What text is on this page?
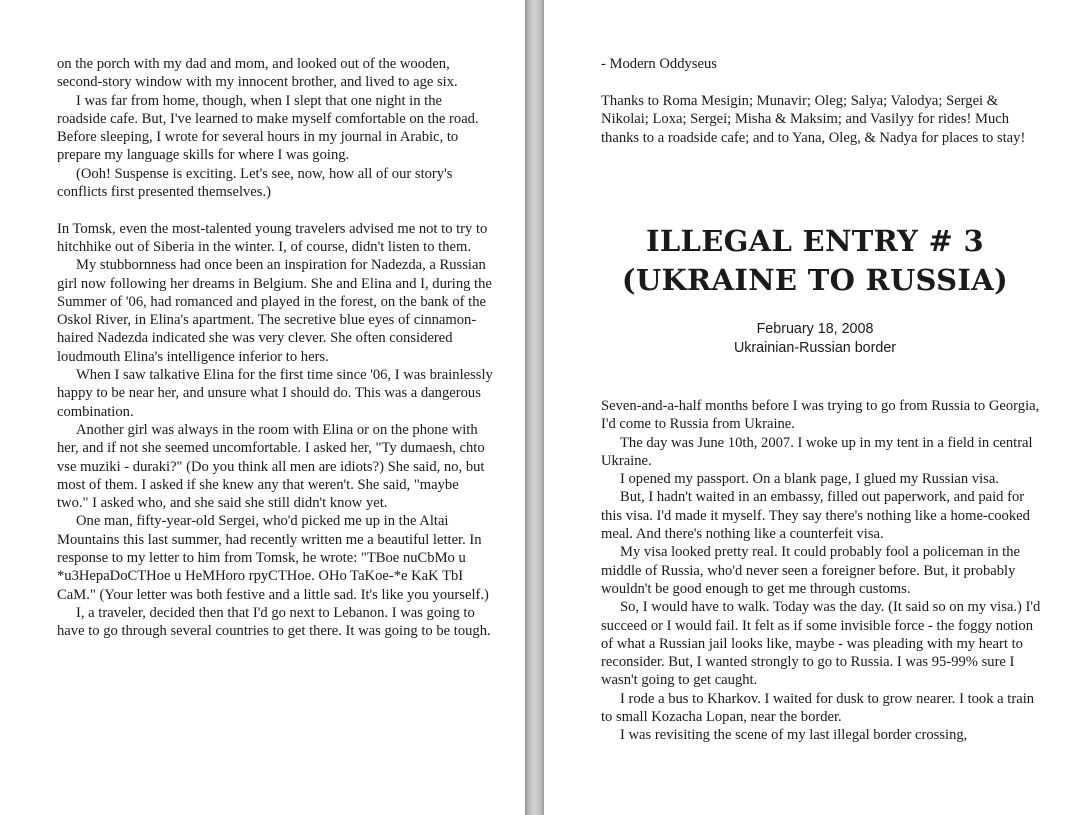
on the porch with my dad and mom, and looked out of the wooden, second-story window with my innocent brother, and lived to age six.

I was far from home, though, when I slept that one night in the roadside cafe. But, I've learned to make myself comfortable on the road. Before sleeping, I wrote for several hours in my journal in Arabic, to prepare my language skills for where I was going.

(Ooh! Suspense is exciting. Let's see, now, how all of our story's conflicts first presented themselves.)

In Tomsk, even the most-talented young travelers advised me not to try to hitchhike out of Siberia in the winter. I, of course, didn't listen to them.

My stubbornness had once been an inspiration for Nadezda, a Russian girl now following her dreams in Belgium. She and Elina and I, during the Summer of '06, had romanced and played in the forest, on the bank of the Oskol River, in Elina's apartment. The secretive blue eyes of cinnamon-haired Nadezda indicated she was very clever. She often considered loudmouth Elina's intelligence inferior to hers.

When I saw talkative Elina for the first time since '06, I was brainlessly happy to be near her, and unsure what I should do. This was a dangerous combination.

Another girl was always in the room with Elina or on the phone with her, and if not she seemed uncomfortable. I asked her, "Ty dumaesh, chto vse muziki - duraki?" (Do you think all men are idiots?) She said, no, but most of them. I asked if she knew any that weren't. She said, "maybe two." I asked who, and she said she still didn't know yet.

One man, fifty-year-old Sergei, who'd picked me up in the Altai Mountains this last summer, had recently written me a beautiful letter. In response to my letter to him from Tomsk, he wrote: "TBoe nuCbMo u *u3HepaDoCTHoe u HeMHoro rpyCTHoe. OHo TaKoe-*e KaK TbI CaM." (Your letter was both festive and a little sad. It's like you yourself.)

I, a traveler, decided then that I'd go next to Lebanon. I was going to have to go through several countries to get there. It was going to be tough.

- Modern Oddyseus
Thanks to Roma Mesigin; Munavir; Oleg; Salya; Valodya; Sergei & Nikolai; Loxa; Sergei; Misha & Maksim; and Vasilyy for rides! Much thanks to a roadside cafe; and to Yana, Oleg, & Nadya for places to stay!
ILLEGAL ENTRY # 3
(UKRAINE TO RUSSIA)
February 18, 2008
Ukrainian-Russian border

Seven-and-a-half months before I was trying to go from Russia to Georgia, I'd come to Russia from Ukraine.

The day was June 10th, 2007. I woke up in my tent in a field in central Ukraine.

I opened my passport. On a blank page, I glued my Russian visa.

But, I hadn't waited in an embassy, filled out paperwork, and paid for this visa. I'd made it myself. They say there's nothing like a home-cooked meal. And there's nothing like a counterfeit visa.

My visa looked pretty real. It could probably fool a policeman in the middle of Russia, who'd never seen a foreigner before. But, it probably wouldn't be good enough to get me through customs.

So, I would have to walk. Today was the day. (It said so on my visa.) I'd succeed or I would fail. It felt as if some invisible force - the foggy notion of what a Russian jail looks like, maybe - was pleading with my heart to reconsider. But, I wanted strongly to go to Russia. I was 95-99% sure I wasn't going to get caught.

I rode a bus to Kharkov. I waited for dusk to grow nearer. I took a train to small Kozacha Lopan, near the border.

I was revisiting the scene of my last illegal border crossing,
